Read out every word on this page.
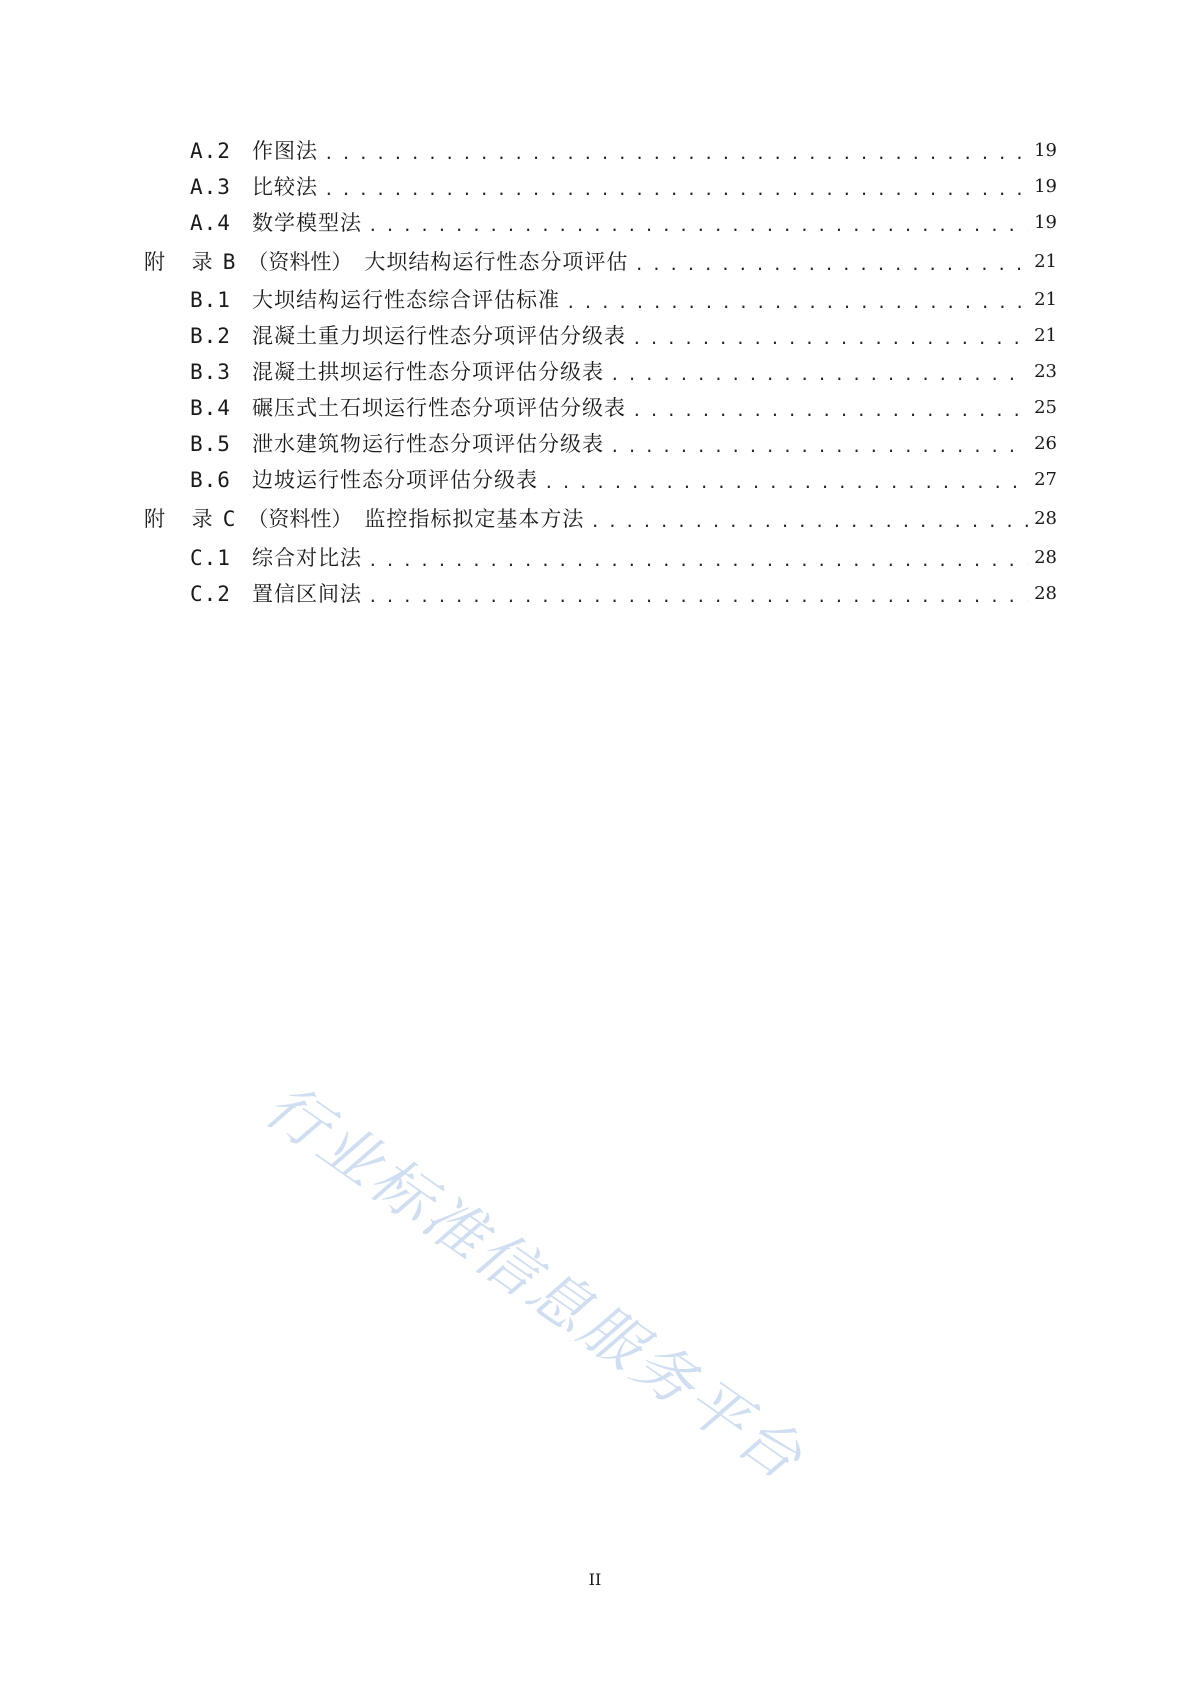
A.2	作图法 . . .	19
A.3	比较法 . . .	19
A.4	数学模型法 . . .	19
附 录 B （资料性） 大坝结构运行性态分项评估 . . .	21
B.1	大坝结构运行性态综合评估标准 . . .	21
B.2	混凝土重力坝运行性态分项评估分级表 . . .	21
B.3	混凝土拱坝运行性态分项评估分级表 . . .	23
B.4	碾压式土石坝运行性态分项评估分级表 . . .	25
B.5	泄水建筑物运行性态分项评估分级表 . . .	26
B.6	边坡运行性态分项评估分级表 . . .	27
附 录 C （资料性） 监控指标拟定基本方法 . . .	28
C.1	综合对比法 . . .	28
C.2	置信区间法 . . .	28
行业标准信息服务平台
II
